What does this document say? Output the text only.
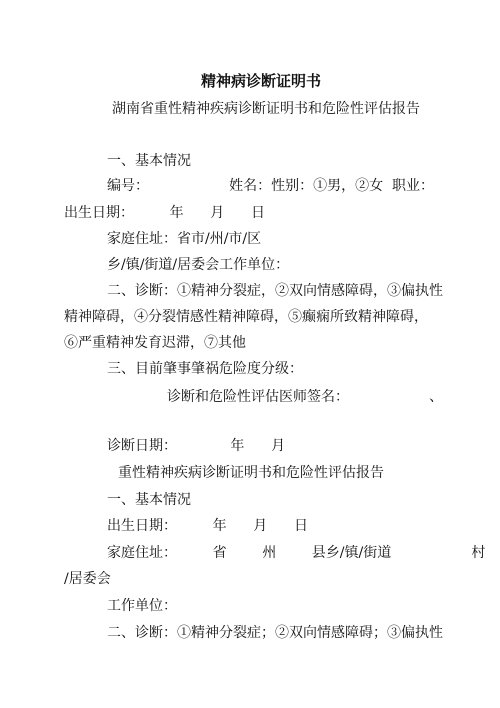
精神病诊断证明书
湖南省重性精神疾病诊断证明书和危险性评估报告
一、基本情况
编号：                  姓名：性别：①男，②女  职业：
出生日期：        年      月      日
家庭住址：省市/州/市/区
乡/镇/街道/居委会工作单位：
二、诊断：①精神分裂症，②双向情感障碍，③偏执性
精神障碍，④分裂情感性精神障碍，⑤癫痫所致精神障碍，
⑥严重精神发育迟滞，⑦其他
三、目前肇事肇祸危险度分级：
诊断和危险性评估医师签名：                  、
诊断日期：            年      月
重性精神疾病诊断证明书和危险性评估报告
一、基本情况
出生日期：        年      月      日
家庭住址：        省        州        县乡/镇/街道                  村
/居委会
工作单位：
二、诊断：①精神分裂症；②双向情感障碍；③偏执性
